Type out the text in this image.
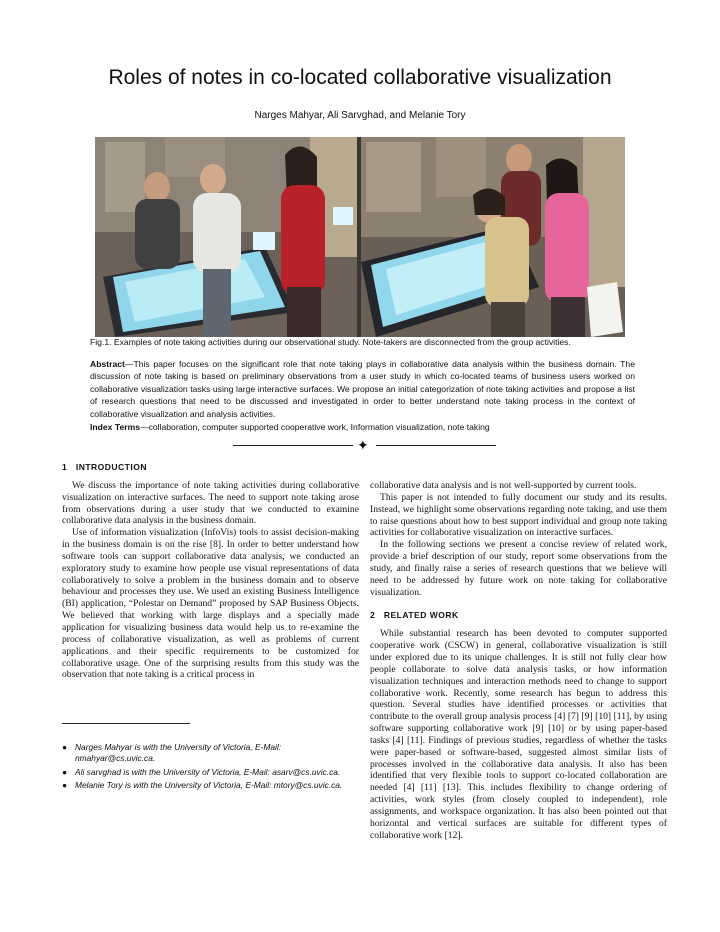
Roles of notes in co-located collaborative visualization
Narges Mahyar, Ali Sarvghad, and Melanie Tory
Fig.1. Examples of note taking activities during our observational study. Note-takers are disconnected from the group activities.
Abstract—This paper focuses on the significant role that note taking plays in collaborative data analysis within the business domain. The discussion of note taking is based on preliminary observations from a user study in which co-located teams of business users worked on collaborative visualization tasks using large interactive surfaces. We propose an initial categorization of note taking activities and propose a list of research questions that need to be discussed and investigated in order to better understand note taking process in the context of collaborative visualization and analysis activities.
Index Terms—collaboration, computer supported cooperative work, Information visualization, note taking
✦
1 INTRODUCTION

We discuss the importance of note taking activities during collaborative visualization on interactive surfaces. The need to support note taking arose from observations during a user study that we conducted to examine collaborative data analysis in the business domain.

Use of information visualization (InfoVis) tools to assist decision-making in the business domain is on the rise [8]. In order to better understand how software tools can support collaborative data analysis, we conducted an exploratory study to examine how people use visual representations of data collaboratively to solve a problem in the business domain and to observe behaviour and processes they use. We used an existing Business Intelligence (BI) application, “Polestar on Demand” proposed by SAP Business Objects. We believed that working with large displays and a specially made application for visualizing business data would help us to re-examine the process of collaborative visualization, as well as problems of current applications and their specific requirements to be customized for collaborative usage. One of the surprising results from this study was the observation that note taking is a critical process in

● Narges Mahyar is with the University of Victoria, E-Mail: nmahyar@cs.uvic.ca.
● Ali sarvghad is with the University of Victoria, E-Mail: asarv@cs.uvic.ca.
● Melanie Tory is with the University of Victoria, E-Mail: mtory@cs.uvic.ca.

collaborative data analysis and is not well-supported by current tools.

This paper is not intended to fully document our study and its results. Instead, we highlight some observations regarding note taking, and use them to raise questions about how to best support individual and group note taking activities for collaborative visualization on interactive surfaces.

In the following sections we present a concise review of related work, provide a brief description of our study, report some observations from the study, and finally raise a series of research questions that we believe will need to be addressed by future work on note taking for collaborative visualization.

2 RELATED WORK

While substantial research has been devoted to computer supported cooperative work (CSCW) in general, collaborative visualization is still under explored due to its unique challenges. It is still not fully clear how people collaborate to solve data analysis tasks, or how information visualization techniques and interaction methods need to change to support collaborative work. Recently, some research has begun to address this question. Several studies have identified processes or activities that contribute to the overall group analysis process [4] [7] [9] [10] [11], by using software supporting collaborative work [9] [10] or by using paper-based tasks [4] [11]. Findings of previous studies, regardless of whether the tasks were paper-based or software-based, suggested almost similar lists of processes involved in the collaborative data analysis. It also has been identified that very flexible tools to support co-located collaboration are needed [4] [11] [13]. This includes flexibility to change ordering of activities, work styles (from closely coupled to independent), role assignments, and workspace organization. It has also been pointed out that horizontal and vertical surfaces are suitable for different types of collaborative work [12].
